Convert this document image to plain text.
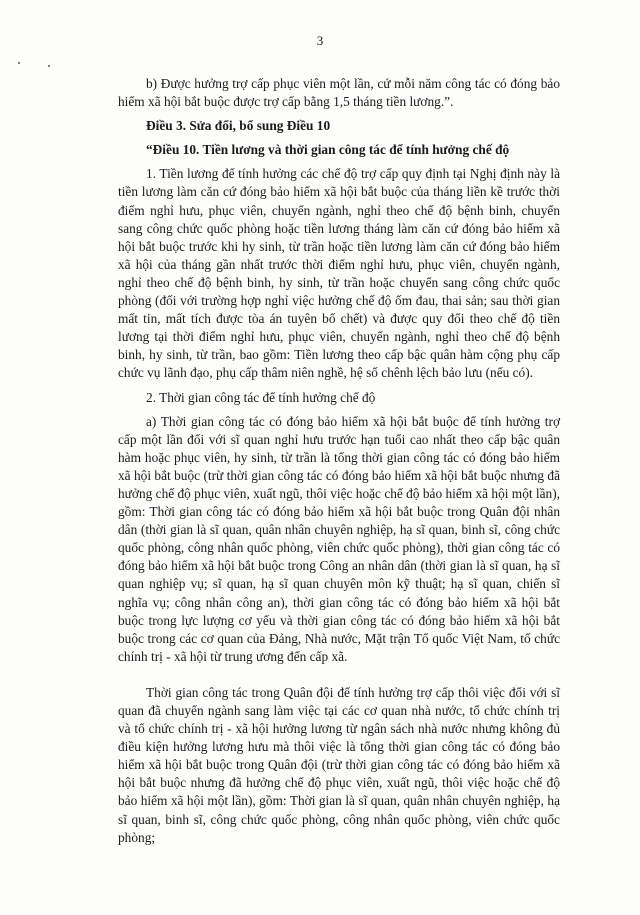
3

b) Được hưởng trợ cấp phục viên một lần, cứ mỗi năm công tác có đóng bảo hiểm xã hội bắt buộc được trợ cấp bằng 1,5 tháng tiền lương.”.

Điều 3. Sửa đổi, bổ sung Điều 10

“Điều 10. Tiền lương và thời gian công tác để tính hưởng chế độ

1. Tiền lương để tính hưởng các chế độ trợ cấp quy định tại Nghị định này là tiền lương làm căn cứ đóng bảo hiểm xã hội bắt buộc của tháng liền kề trước thời điểm nghỉ hưu, phục viên, chuyển ngành, nghỉ theo chế độ bệnh binh, chuyển sang công chức quốc phòng hoặc tiền lương tháng làm căn cứ đóng bảo hiểm xã hội bắt buộc trước khi hy sinh, từ trần hoặc tiền lương làm căn cứ đóng bảo hiểm xã hội của tháng gần nhất trước thời điểm nghỉ hưu, phục viên, chuyển ngành, nghỉ theo chế độ bệnh binh, hy sinh, từ trần hoặc chuyển sang công chức quốc phòng (đối với trường hợp nghỉ việc hưởng chế độ ốm đau, thai sản; sau thời gian mất tin, mất tích được tòa án tuyên bố chết) và được quy đổi theo chế độ tiền lương tại thời điểm nghỉ hưu, phục viên, chuyển ngành, nghỉ theo chế độ bệnh binh, hy sinh, từ trần, bao gồm: Tiền lương theo cấp bậc quân hàm cộng phụ cấp chức vụ lãnh đạo, phụ cấp thâm niên nghề, hệ số chênh lệch bảo lưu (nếu có).

2. Thời gian công tác để tính hưởng chế độ

a) Thời gian công tác có đóng bảo hiểm xã hội bắt buộc để tính hưởng trợ cấp một lần đối với sĩ quan nghỉ hưu trước hạn tuổi cao nhất theo cấp bậc quân hàm hoặc phục viên, hy sinh, từ trần là tổng thời gian công tác có đóng bảo hiểm xã hội bắt buộc (trừ thời gian công tác có đóng bảo hiểm xã hội bắt buộc nhưng đã hưởng chế độ phục viên, xuất ngũ, thôi việc hoặc chế độ bảo hiểm xã hội một lần), gồm: Thời gian công tác có đóng bảo hiểm xã hội bắt buộc trong Quân đội nhân dân (thời gian là sĩ quan, quân nhân chuyên nghiệp, hạ sĩ quan, binh sĩ, công chức quốc phòng, công nhân quốc phòng, viên chức quốc phòng), thời gian công tác có đóng bảo hiểm xã hội bắt buộc trong Công an nhân dân (thời gian là sĩ quan, hạ sĩ quan nghiệp vụ; sĩ quan, hạ sĩ quan chuyên môn kỹ thuật; hạ sĩ quan, chiến sĩ nghĩa vụ; công nhân công an), thời gian công tác có đóng bảo hiểm xã hội bắt buộc trong lực lượng cơ yếu và thời gian công tác có đóng bảo hiểm xã hội bắt buộc trong các cơ quan của Đảng, Nhà nước, Mặt trận Tổ quốc Việt Nam, tổ chức chính trị - xã hội từ trung ương đến cấp xã.

Thời gian công tác trong Quân đội để tính hưởng trợ cấp thôi việc đối với sĩ quan đã chuyển ngành sang làm việc tại các cơ quan nhà nước, tổ chức chính trị và tổ chức chính trị - xã hội hưởng lương từ ngân sách nhà nước nhưng không đủ điều kiện hưởng lương hưu mà thôi việc là tổng thời gian công tác có đóng bảo hiểm xã hội bắt buộc trong Quân đội (trừ thời gian công tác có đóng bảo hiểm xã hội bắt buộc nhưng đã hưởng chế độ phục viên, xuất ngũ, thôi việc hoặc chế độ bảo hiểm xã hội một lần), gồm: Thời gian là sĩ quan, quân nhân chuyên nghiệp, hạ sĩ quan, binh sĩ, công chức quốc phòng, công nhân quốc phòng, viên chức quốc phòng;
